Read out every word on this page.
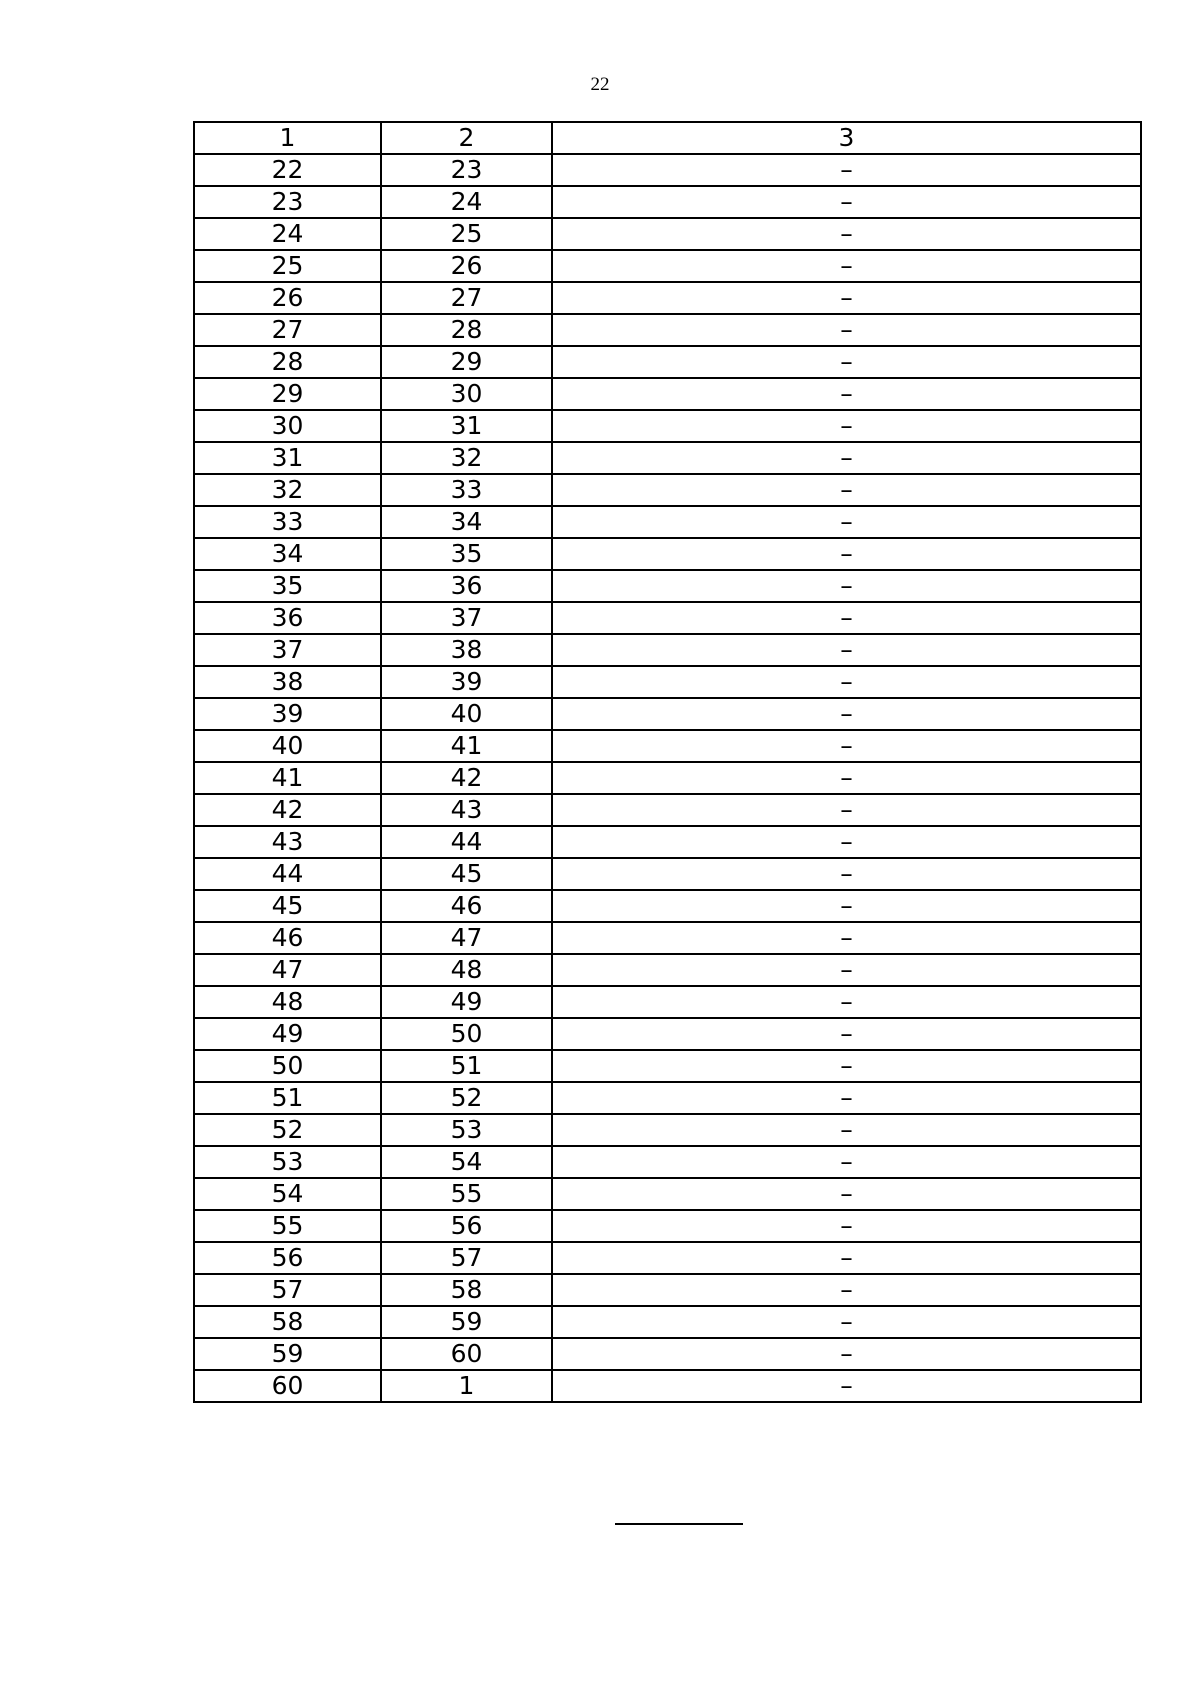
22
1	2	3
22	23	–
23	24	–
24	25	–
25	26	–
26	27	–
27	28	–
28	29	–
29	30	–
30	31	–
31	32	–
32	33	–
33	34	–
34	35	–
35	36	–
36	37	–
37	38	–
38	39	–
39	40	–
40	41	–
41	42	–
42	43	–
43	44	–
44	45	–
45	46	–
46	47	–
47	48	–
48	49	–
49	50	–
50	51	–
51	52	–
52	53	–
53	54	–
54	55	–
55	56	–
56	57	–
57	58	–
58	59	–
59	60	–
60	1	–
